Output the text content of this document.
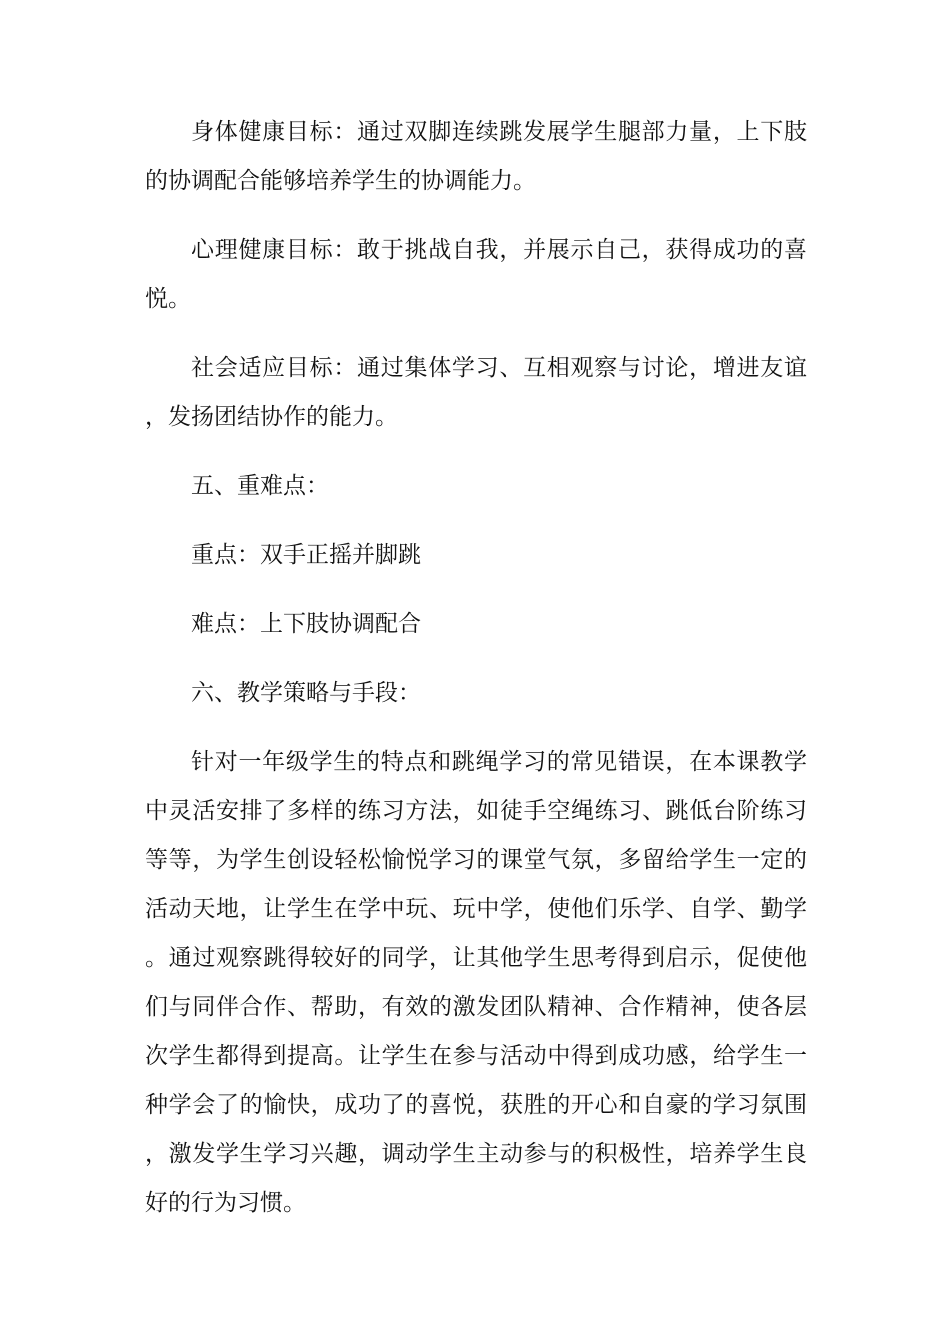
身体健康目标：通过双脚连续跳发展学生腿部力量，上下肢的协调配合能够培养学生的协调能力。

心理健康目标：敢于挑战自我，并展示自己，获得成功的喜悦。

社会适应目标：通过集体学习、互相观察与讨论，增进友谊，发扬团结协作的能力。

五、重难点：

重点：双手正摇并脚跳

难点：上下肢协调配合

六、教学策略与手段：

针对一年级学生的特点和跳绳学习的常见错误，在本课教学中灵活安排了多样的练习方法，如徒手空绳练习、跳低台阶练习等等，为学生创设轻松愉悦学习的课堂气氛，多留给学生一定的活动天地，让学生在学中玩、玩中学，使他们乐学、自学、勤学。通过观察跳得较好的同学，让其他学生思考得到启示，促使他们与同伴合作、帮助，有效的激发团队精神、合作精神，使各层次学生都得到提高。让学生在参与活动中得到成功感，给学生一种学会了的愉快，成功了的喜悦，获胜的开心和自豪的学习氛围，激发学生学习兴趣，调动学生主动参与的积极性，培养学生良好的行为习惯。
